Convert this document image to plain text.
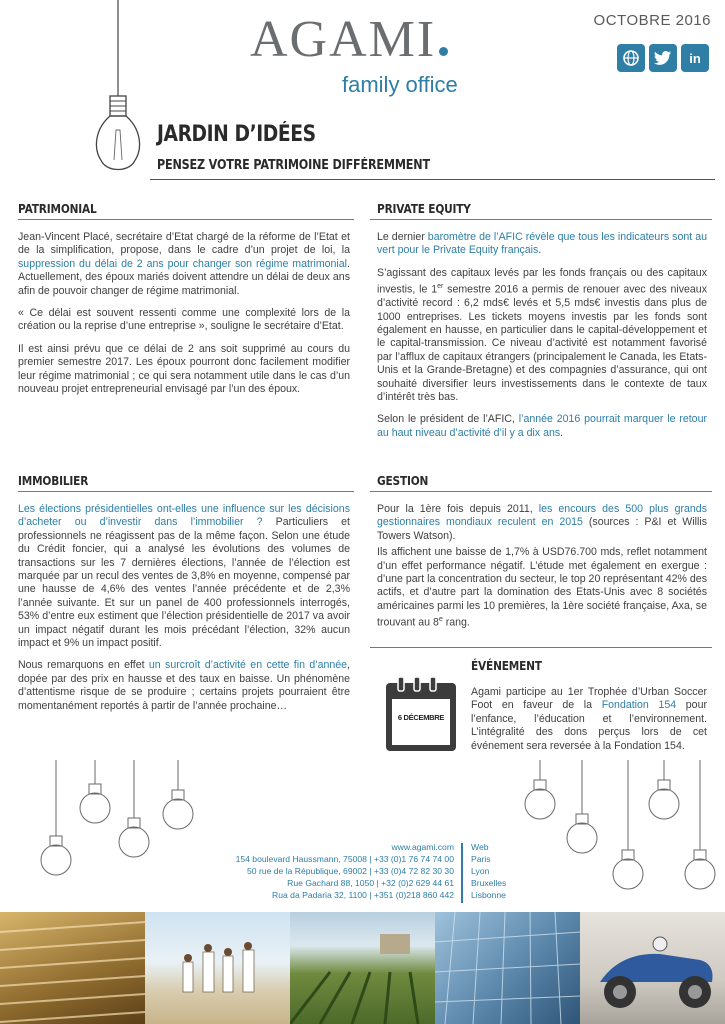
AGAMI
family office
OCTOBRE 2016
in
JARDIN D’IDÉES
PENSEZ VOTRE PATRIMOINE DIFFÉREMMENT
PATRIMONIAL

Jean-Vincent Placé, secrétaire d’Etat chargé de la réforme de l’Etat et de la simplification, propose, dans le cadre d’un projet de loi, la suppression du délai de 2 ans pour changer son régime matrimonial. Actuellement, des époux mariés doivent attendre un délai de deux ans afin de pouvoir changer de régime matrimonial.

« Ce délai est souvent ressenti comme une complexité lors de la création ou la reprise d’une entreprise », souligne le secrétaire d’Etat.

Il est ainsi prévu que ce délai de 2 ans soit supprimé au cours du premier semestre 2017. Les époux pourront donc facilement modifier leur régime matrimonial ; ce qui sera notamment utile dans le cas d’un nouveau projet entrepreneurial envisagé par l’un des époux.

PRIVATE EQUITY

Le dernier baromètre de l’AFIC révèle que tous les indicateurs sont au vert pour le Private Equity français.

S’agissant des capitaux levés par les fonds français ou des capitaux investis, le 1er semestre 2016 a permis de renouer avec des niveaux d’activité record : 6,2 mds€ levés et 5,5 mds€ investis dans plus de 1000 entreprises. Les tickets moyens investis par les fonds sont également en hausse, en particulier dans le capital-développement et le capital-transmission. Ce niveau d’activité est notamment favorisé par l’afflux de capitaux étrangers (principalement le Canada, les Etats-Unis et la Grande-Bretagne) et des compagnies d’assurance, qui ont souhaité diversifier leurs investissements dans le contexte de taux d’intérêt très bas.

Selon le président de l’AFIC, l’année 2016 pourrait marquer le retour au haut niveau d’activité d’il y a dix ans.

IMMOBILIER

Les élections présidentielles ont-elles une influence sur les décisions d’acheter ou d’investir dans l’immobilier ? Particuliers et professionnels ne réagissent pas de la même façon. Selon une étude du Crédit foncier, qui a analysé les évolutions des volumes de transactions sur les 7 dernières élections, l’année de l’élection est marquée par un recul des ventes de 3,8% en moyenne, compensé par une hausse de 4,6% des ventes l’année précédente et de 2,3% l’année suivante. Et sur un panel de 400 professionnels interrogés, 53% d’entre eux estiment que l’élection présidentielle de 2017 va avoir un impact négatif durant les mois précédant l’élection, 32% aucun impact et 9% un impact positif.

Nous remarquons en effet un surcroît d’activité en cette fin d’année, dopée par des prix en hausse et des taux en baisse. Un phénomène d’attentisme risque de se produire ; certains projets pourraient être momentanément reportés à partir de l’année prochaine…

GESTION

Pour la 1ère fois depuis 2011, les encours des 500 plus grands gestionnaires mondiaux reculent en 2015 (sources : P&I et Willis Towers Watson).

Ils affichent une baisse de 1,7% à USD76.700 mds, reflet notamment d’un effet performance négatif. L’étude met également en exergue : d’une part la concentration du secteur, le top 20 représentant 42% des actifs, et d’autre part la domination des Etats-Unis avec 8 sociétés américaines parmi les 10 premières, la 1ère société française, Axa, se trouvant au 8e rang.

ÉVÉNEMENT
6 DÉCEMBRE

Agami participe au 1er Trophée d’Urban Soccer Foot en faveur de la Fondation 154 pour l’enfance, l’éducation et l’environnement. L’intégralité des dons perçus lors de cet événement sera reversée à la Fondation 154.

www.agami.com
154 boulevard Haussmann, 75008 | +33 (0)1 76 74 74 00
50 rue de la République, 69002 | +33 (0)4 72 82 30 30
Rue Gachard 88, 1050 | +32 (0)2 629 44 61
Rua da Padaria 32, 1100 | +351 (0)218 860 442
Web
Paris
Lyon
Bruxelles
Lisbonne
